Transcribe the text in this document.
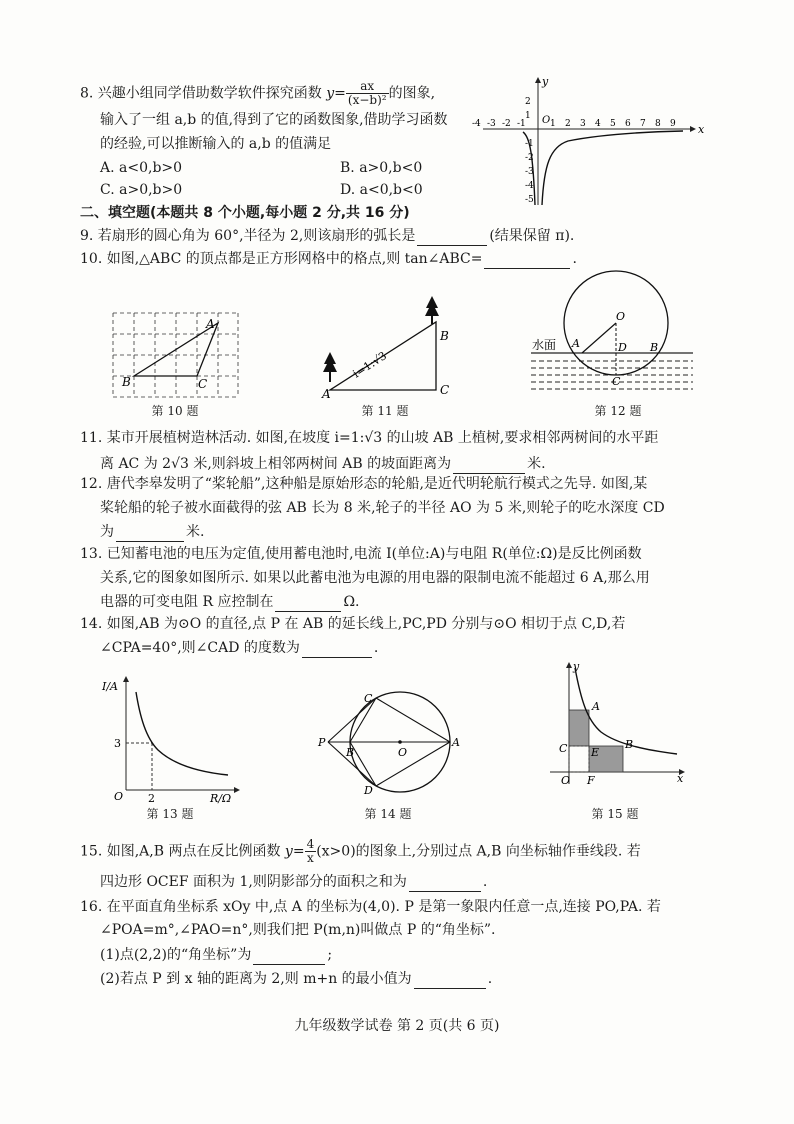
8. 兴趣小组同学借助数学软件探究函数 $y= \frac{ax}{\text{(x−b)²}}$ 的图象,
输入了一组 a,b 的值,得到了它的函数图象,借助学习函数
的经验,可以推断输入的 a,b 的值满足
A. a<0,b>0	B. a>0,b<0
C. a>0,b>0	D. a<0,b<0
x
y
O
-4 -3 -2 -1	1 2 3 4 5 6 7 8 9
2
1
-1
-2
-3
-4
-5
二、填空题(本题共 8 个小题,每小题 2 分,共 16 分)
9. 若扇形的圆心角为 60°,半径为 2,则该扇形的弧长是	(结果保留 π).
10. 如图,△ABC 的顶点都是正方形网格中的格点,则 tan∠ABC=	.
B
A
C
第 10 题
A	C
B
i=1:√3
第 11 题
水面
O
A	D B
C
第 12 题
11. 某市开展植树造林活动. 如图,在坡度 i=1:√3 的山坡 AB 上植树,要求相邻两树间的水平距
离 AC 为 2√3 米,则斜坡上相邻两树间 AB 的坡面距离为	米.
12. 唐代李皋发明了“桨轮船”,这种船是原始形态的轮船,是近代明轮航行模式之先导. 如图,某
桨轮船的轮子被水面截得的弦 AB 长为 8 米,轮子的半径 AO 为 5 米,则轮子的吃水深度 CD
为	米.
13. 已知蓄电池的电压为定值,使用蓄电池时,电流 I(单位:A)与电阻 R(单位:Ω)是反比例函数
关系,它的图象如图所示. 如果以此蓄电池为电源的用电器的限制电流不能超过 6 A,那么用
电器的可变电阻 R 应控制在	Ω.
14. 如图,AB 为⊙O 的直径,点 P 在 AB 的延长线上,PC,PD 分别与⊙O 相切于点 C,D,若
∠CPA=40°,则∠CAD 的度数为	.
I/A
R/Ω
O
3
2
第 13 题
P
B	O
A
C
D
第 14 题
y
x
O
A
B
C E
F
第 15 题
15. 如图,A,B 两点在反比例函数 $y= \frac{4}{x} (x>0)$的图象上,分别过点 A,B 向坐标轴作垂线段. 若
四边形 OCEF 面积为 1,则阴影部分的面积之和为	.
16. 在平面直角坐标系 xOy 中,点 A 的坐标为(4,0). P 是第一象限内任意一点,连接 PO,PA. 若
∠POA=m°,∠PAO=n°,则我们把 P(m,n)叫做点 P 的“角坐标”.
(1)点(2,2)的“角坐标”为	;
(2)若点 P 到 x 轴的距离为 2,则 m+n 的最小值为	.
九年级数学试卷 第 2 页(共 6 页)
